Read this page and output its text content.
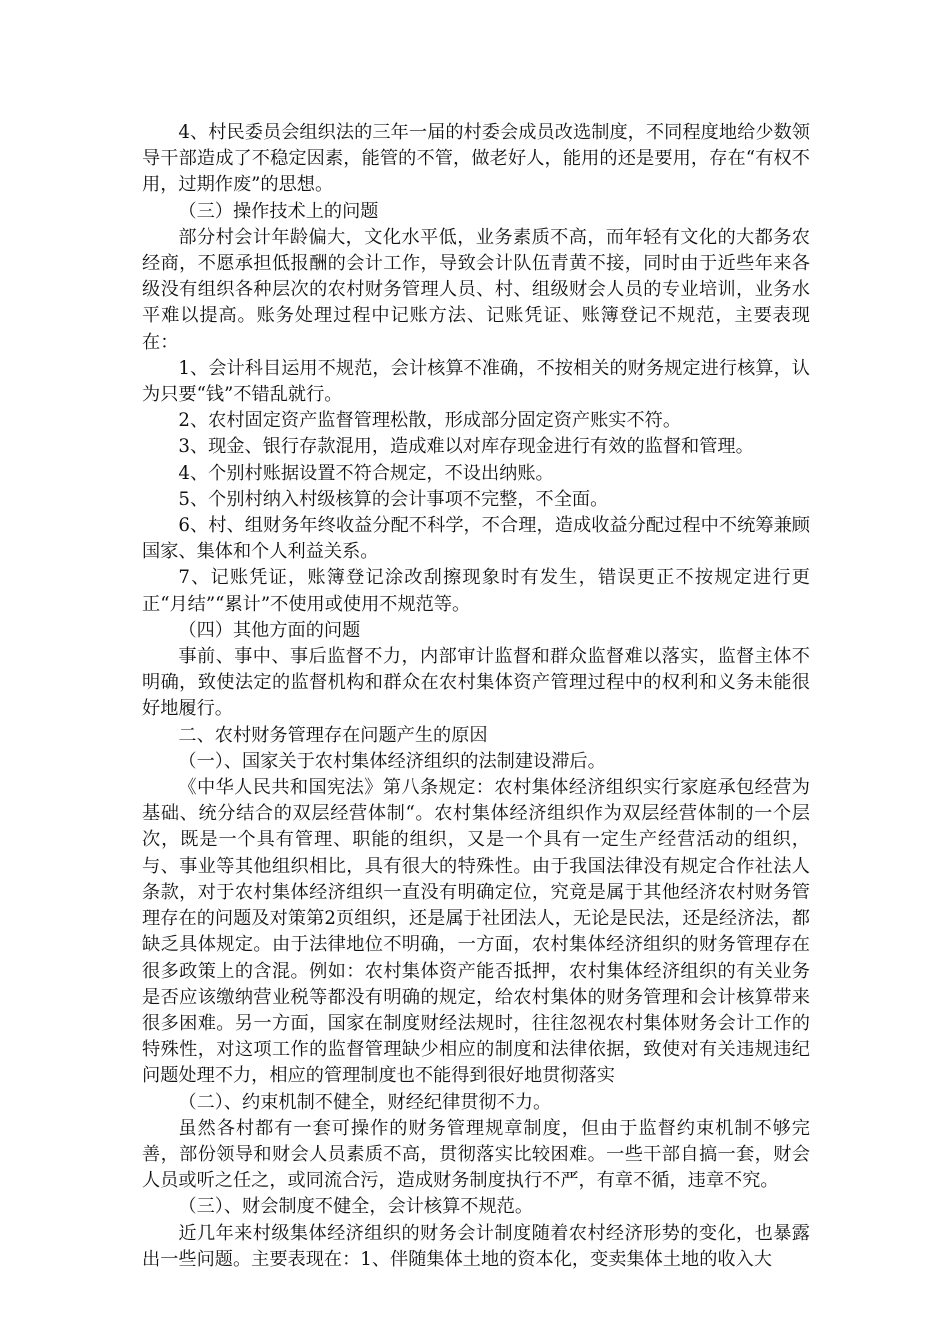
4、村民委员会组织法的三年一届的村委会成员改选制度，不同程度地给少数领导干部造成了不稳定因素，能管的不管，做老好人，能用的还是要用，存在“有权不用，过期作废”的思想。

（三）操作技术上的问题

部分村会计年龄偏大，文化水平低，业务素质不高，而年轻有文化的大都务农经商，不愿承担低报酬的会计工作，导致会计队伍青黄不接，同时由于近些年来各级没有组织各种层次的农村财务管理人员、村、组级财会人员的专业培训，业务水平难以提高。账务处理过程中记账方法、记账凭证、账簿登记不规范，主要表现在：

1、会计科目运用不规范，会计核算不准确，不按相关的财务规定进行核算，认为只要“钱”不错乱就行。

2、农村固定资产监督管理松散，形成部分固定资产账实不符。

3、现金、银行存款混用，造成难以对库存现金进行有效的监督和管理。

4、个别村账据设置不符合规定，不设出纳账。

5、个别村纳入村级核算的会计事项不完整，不全面。

6、村、组财务年终收益分配不科学，不合理，造成收益分配过程中不统筹兼顾国家、集体和个人利益关系。

7、记账凭证，账簿登记涂改刮擦现象时有发生，错误更正不按规定进行更正“月结”“累计”不使用或使用不规范等。

（四）其他方面的问题

事前、事中、事后监督不力，内部审计监督和群众监督难以落实，监督主体不明确，致使法定的监督机构和群众在农村集体资产管理过程中的权利和义务未能很好地履行。

二、农村财务管理存在问题产生的原因

（一）、国家关于农村集体经济组织的法制建设滞后。

《中华人民共和国宪法》第八条规定：农村集体经济组织实行家庭承包经营为基础、统分结合的双层经营体制“。农村集体经济组织作为双层经营体制的一个层次，既是一个具有管理、职能的组织，又是一个具有一定生产经营活动的组织，与、事业等其他组织相比，具有很大的特殊性。由于我国法律没有规定合作社法人条款，对于农村集体经济组织一直没有明确定位，究竟是属于其他经济农村财务管理存在的问题及对策第2页组织，还是属于社团法人，无论是民法，还是经济法，都缺乏具体规定。由于法律地位不明确，一方面，农村集体经济组织的财务管理存在很多政策上的含混。例如：农村集体资产能否抵押，农村集体经济组织的有关业务是否应该缴纳营业税等都没有明确的规定，给农村集体的财务管理和会计核算带来很多困难。另一方面，国家在制度财经法规时，往往忽视农村集体财务会计工作的特殊性，对这项工作的监督管理缺少相应的制度和法律依据，致使对有关违规违纪问题处理不力，相应的管理制度也不能得到很好地贯彻落实

（二）、约束机制不健全，财经纪律贯彻不力。

虽然各村都有一套可操作的财务管理规章制度，但由于监督约束机制不够完善，部份领导和财会人员素质不高，贯彻落实比较困难。一些干部自搞一套，财会人员或听之任之，或同流合污，造成财务制度执行不严，有章不循，违章不究。

（三）、财会制度不健全，会计核算不规范。

近几年来村级集体经济组织的财务会计制度随着农村经济形势的变化，也暴露出一些问题。主要表现在：1、伴随集体土地的资本化，变卖集体土地的收入大
